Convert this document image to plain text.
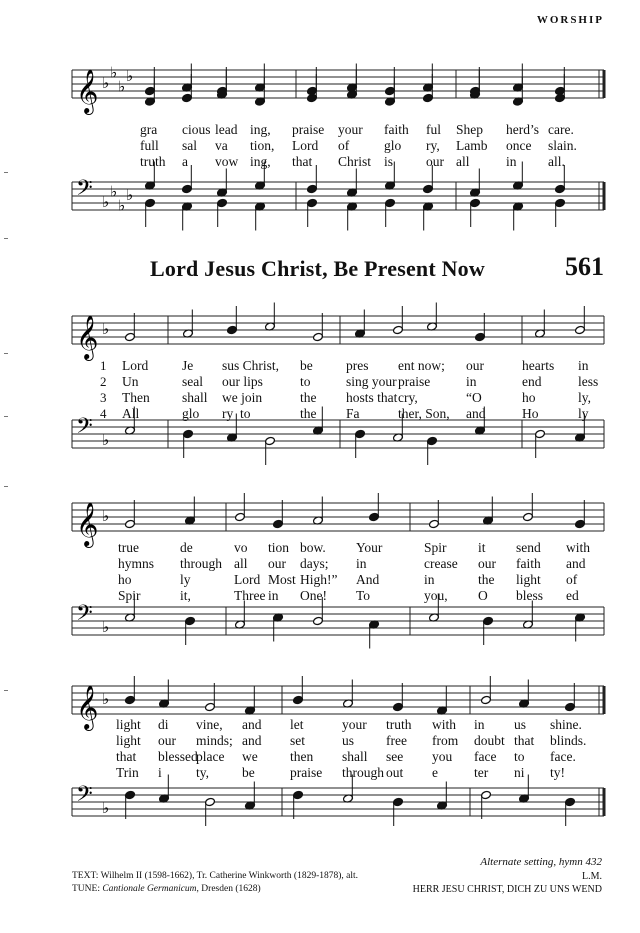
WORSHIP
𝄞 ♭
♭
♭
♭
gra cious lead ing, praise your faith ful Shep herd’s care.
full sal va tion, Lord of	glo ry, Lamb once slain.
truth a vow ing, that Christ is our all	in all.
𝄢 ♭
♭
♭
♭
Lord Jesus Christ, Be Present Now	561
𝄞 ♭
1 Lord	Je sus Christ, be pres ent now; our	hearts in
2 Un	seal our lips	to	sing your praise	in	end	less
3 Then shall we join	the hosts that cry,	“O	ho	ly,
4 All	glo ry  to	the Fa	ther, Son, and	Ho	ly
𝄢 ♭
𝄞 ♭
true	de	vo tion bow. Your	Spir it send with
hymns through all our days; in	crease our faith and
ho	ly	Lord Most High!” And	in	the light of
Spir	it,	Three in One! To	you, O bless ed
𝄢 ♭
𝄞 ♭
light di vine, and let	your truth with in us shine.
light our minds; and set	us free from doubt that blinds.
that blessed
place we then shall see you face to face.
Trin i	ty, be	praise through out e	ter ni ty!
𝄢 ♭
Alternate setting, hymn 432
TEXT: Wilhelm II (1598-1662), Tr. Catherine Winkworth (1829-1878), alt.
TUNE: Cantionale Germanicum, Dresden (1628)
L.M.
HERR JESU CHRIST, DICH ZU UNS WEND
